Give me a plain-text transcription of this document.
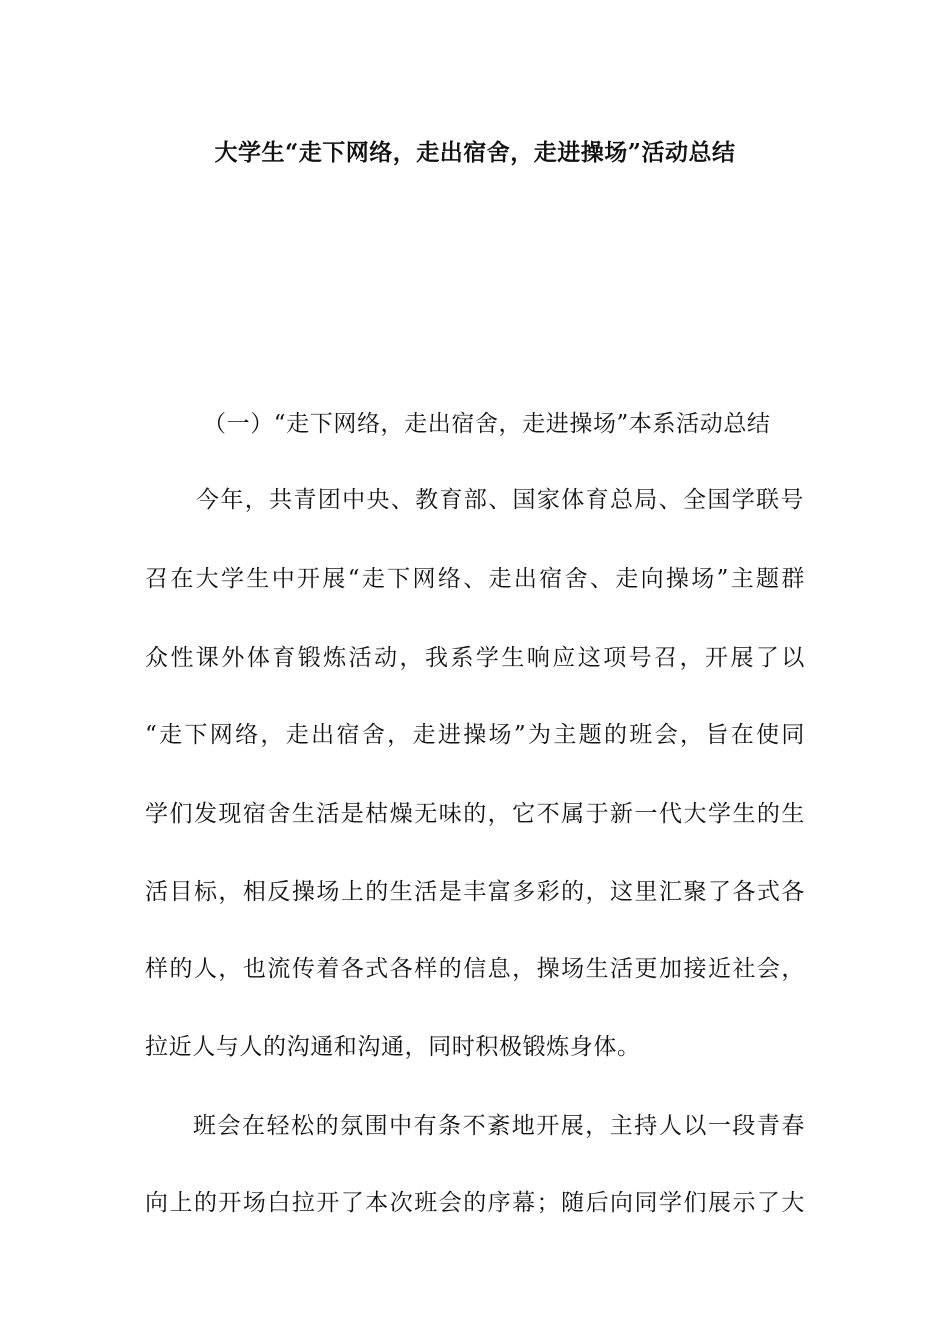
大学生“走下网络，走出宿舍，走进操场”活动总结
（一）“走下网络，走出宿舍，走进操场”本系活动总结
今年，共青团中央、教育部、国家体育总局、全国学联号
召在大学生中开展“走下网络、走出宿舍、走向操场”主题群
众性课外体育锻炼活动，我系学生响应这项号召，开展了以
“走下网络，走出宿舍，走进操场”为主题的班会，旨在使同
学们发现宿舍生活是枯燥无味的，它不属于新一代大学生的生
活目标，相反操场上的生活是丰富多彩的，这里汇聚了各式各
样的人，也流传着各式各样的信息，操场生活更加接近社会，
拉近人与人的沟通和沟通，同时积极锻炼身体。
班会在轻松的氛围中有条不紊地开展，主持人以一段青春
向上的开场白拉开了本次班会的序幕；随后向同学们展示了大
